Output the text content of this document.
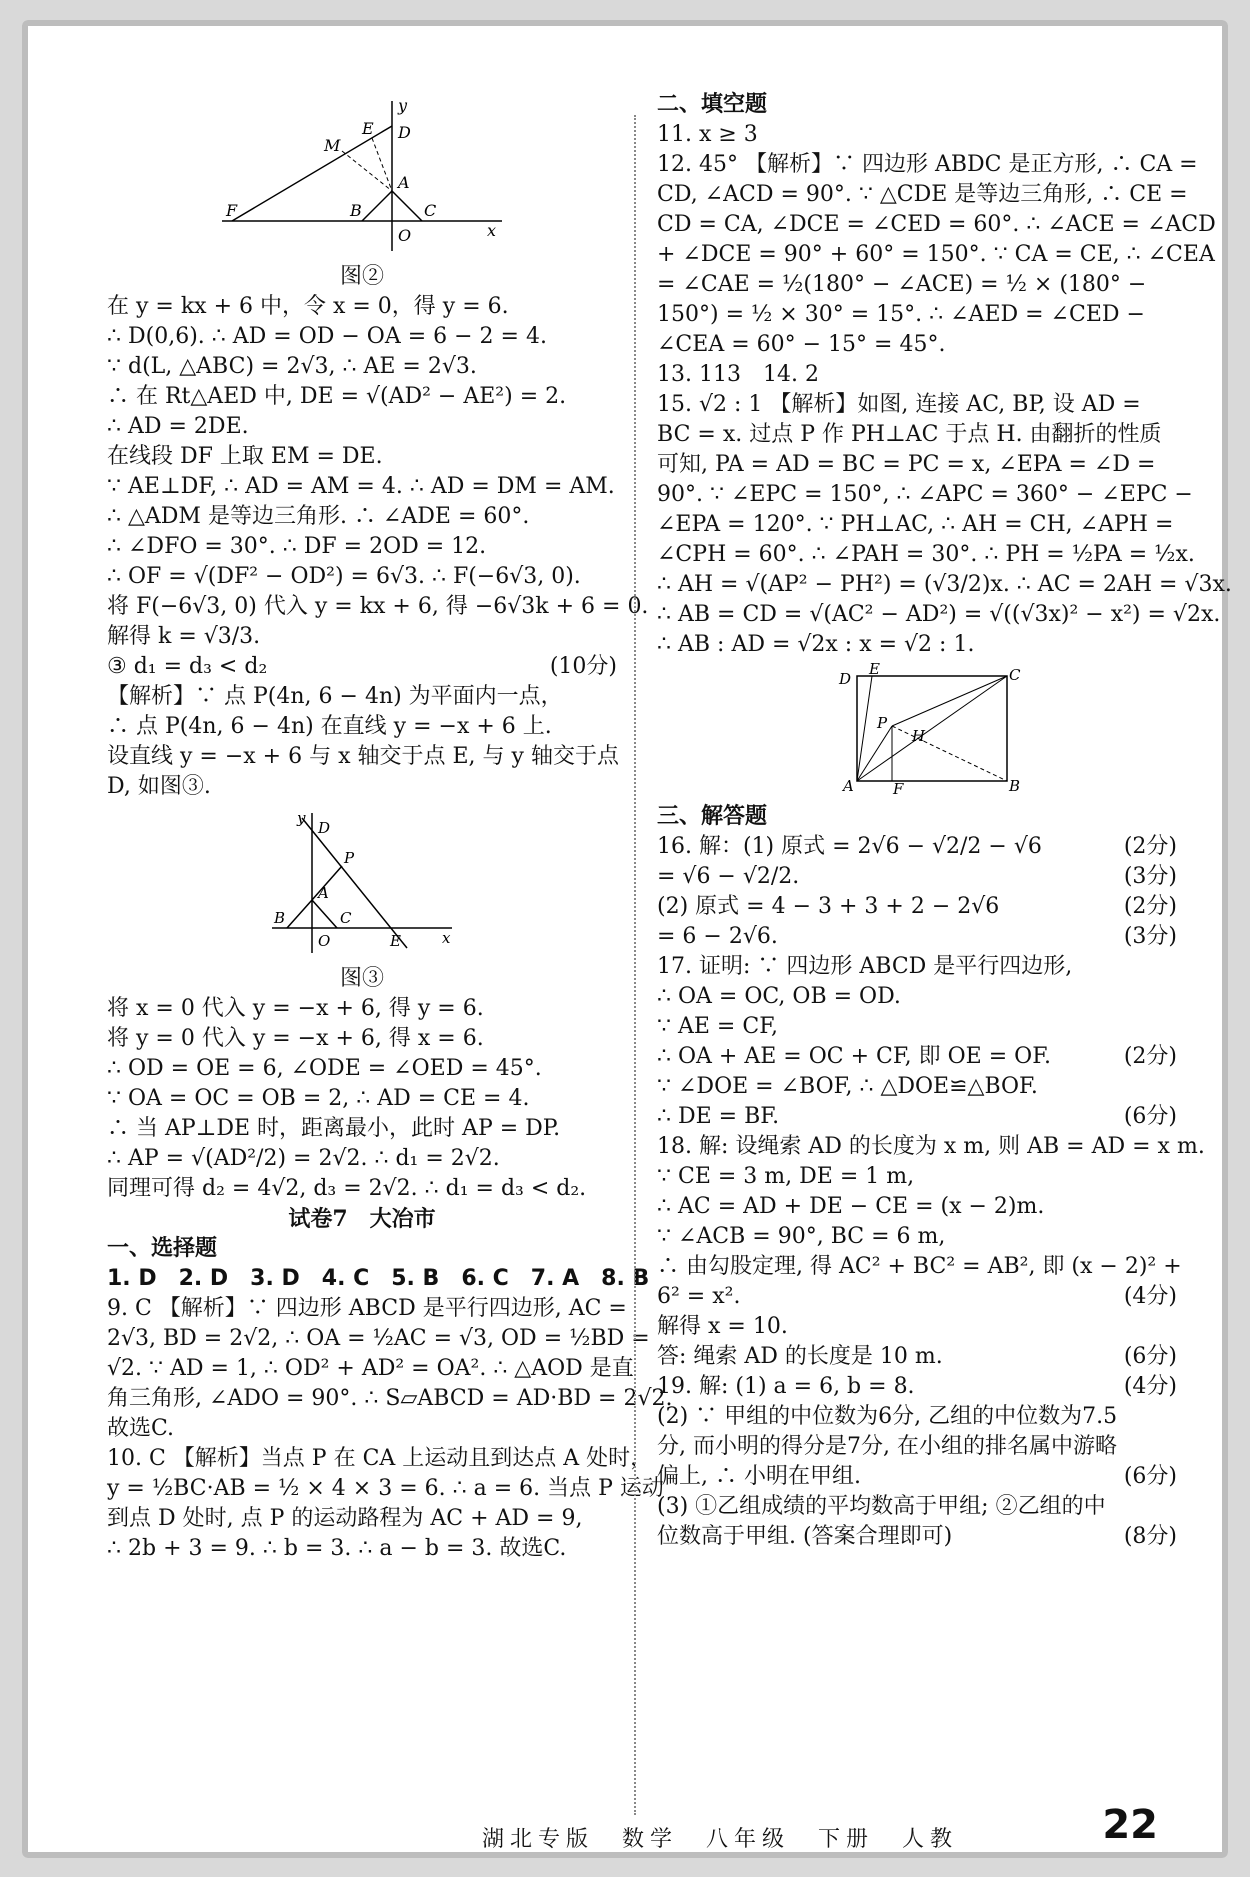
F	B	C
O
A
D
E
M
x
y
图②
在 y = kx + 6 中，令 x = 0，得 y = 6.
∴ D(0,6). ∴ AD = OD − OA = 6 − 2 = 4.
∵ d(L, △ABC) = 2√3, ∴ AE = 2√3.
∴ 在 Rt△AED 中, DE = √(AD² − AE²) = 2.
∴ AD = 2DE.
在线段 DF 上取 EM = DE.
∵ AE⊥DF, ∴ AD = AM = 4. ∴ AD = DM = AM.
∴ △ADM 是等边三角形. ∴ ∠ADE = 60°.
∴ ∠DFO = 30°. ∴ DF = 2OD = 12.
∴ OF = √(DF² − OD²) = 6√3. ∴ F(−6√3, 0).
将 F(−6√3, 0) 代入 y = kx + 6, 得 −6√3k + 6 = 0.
解得 k = √3/3.
③ d₁ = d₃ < d₂	(10分)
【解析】∵ 点 P(4n, 6 − 4n) 为平面内一点，
∴ 点 P(4n, 6 − 4n) 在直线 y = −x + 6 上.
设直线 y = −x + 6 与 x 轴交于点 E, 与 y 轴交于点
D, 如图③.
B	C
O
A
D
P
E	x
y
图③
将 x = 0 代入 y = −x + 6, 得 y = 6.
将 y = 0 代入 y = −x + 6, 得 x = 6.
∴ OD = OE = 6, ∠ODE = ∠OED = 45°.
∵ OA = OC = OB = 2, ∴ AD = CE = 4.
∴ 当 AP⊥DE 时，距离最小，此时 AP = DP.
∴ AP = √(AD²/2) = 2√2. ∴ d₁ = 2√2.
同理可得 d₂ = 4√2, d₃ = 2√2. ∴ d₁ = d₃ < d₂.
试卷7　大冶市
一、选择题
1. D　2. D　3. D　4. C　5. B　6. C　7. A　8. B
9. C 【解析】∵ 四边形 ABCD 是平行四边形, AC =
2√3, BD = 2√2, ∴ OA = ½AC = √3, OD = ½BD =
√2. ∵ AD = 1, ∴ OD² + AD² = OA². ∴ △AOD 是直
角三角形, ∠ADO = 90°. ∴ S▱ABCD = AD·BD = 2√2.
故选C.
10. C 【解析】当点 P 在 CA 上运动且到达点 A 处时，
y = ½BC·AB = ½ × 4 × 3 = 6. ∴ a = 6. 当点 P 运动
到点 D 处时, 点 P 的运动路程为 AC + AD = 9,
∴ 2b + 3 = 9. ∴ b = 3. ∴ a − b = 3. 故选C.
二、填空题
11. x ≥ 3
12. 45° 【解析】∵ 四边形 ABDC 是正方形, ∴ CA =
CD, ∠ACD = 90°. ∵ △CDE 是等边三角形, ∴ CE =
CD = CA, ∠DCE = ∠CED = 60°. ∴ ∠ACE = ∠ACD
+ ∠DCE = 90° + 60° = 150°. ∵ CA = CE, ∴ ∠CEA
= ∠CAE = ½(180° − ∠ACE) = ½ × (180° −
150°) = ½ × 30° = 15°. ∴ ∠AED = ∠CED −
∠CEA = 60° − 15° = 45°.
13. 113　14. 2
15. √2 : 1 【解析】如图, 连接 AC, BP, 设 AD =
BC = x. 过点 P 作 PH⊥AC 于点 H. 由翻折的性质
可知, PA = AD = BC = PC = x, ∠EPA = ∠D =
90°. ∵ ∠EPC = 150°, ∴ ∠APC = 360° − ∠EPC −
∠EPA = 120°. ∵ PH⊥AC, ∴ AH = CH, ∠APH =
∠CPH = 60°. ∴ ∠PAH = 30°. ∴ PH = ½PA = ½x.
∴ AH = √(AP² − PH²) = (√3/2)x. ∴ AC = 2AH = √3x.
∴ AB = CD = √(AC² − AD²) = √((√3x)² − x²) = √2x.
∴ AB : AD = √2x : x = √2 : 1.
D
E	C
P
H
A	F	B
三、解答题
16. 解：(1) 原式 = 2√6 − √2/2 − √6	(2分)
= √6 − √2/2.	(3分)
(2) 原式 = 4 − 3 + 3 + 2 − 2√6	(2分)
= 6 − 2√6.	(3分)
17. 证明: ∵ 四边形 ABCD 是平行四边形,
∴ OA = OC, OB = OD.
∵ AE = CF,
∴ OA + AE = OC + CF, 即 OE = OF.	(2分)
∵ ∠DOE = ∠BOF, ∴ △DOE≌△BOF.
∴ DE = BF.	(6分)
18. 解: 设绳索 AD 的长度为 x m, 则 AB = AD = x m.
∵ CE = 3 m, DE = 1 m,
∴ AC = AD + DE − CE = (x − 2)m.
∵ ∠ACB = 90°, BC = 6 m,
∴ 由勾股定理, 得 AC² + BC² = AB², 即 (x − 2)² +
6² = x².	(4分)
解得 x = 10.
答: 绳索 AD 的长度是 10 m.	(6分)
19. 解: (1) a = 6, b = 8.	(4分)
(2) ∵ 甲组的中位数为6分, 乙组的中位数为7.5
分, 而小明的得分是7分, 在小组的排名属中游略
偏上, ∴ 小明在甲组.	(6分)
(3) ①乙组成绩的平均数高于甲组; ②乙组的中
位数高于甲组. (答案合理即可)	(8分)
湖北专版　数学　八年级　下册　人教	22
